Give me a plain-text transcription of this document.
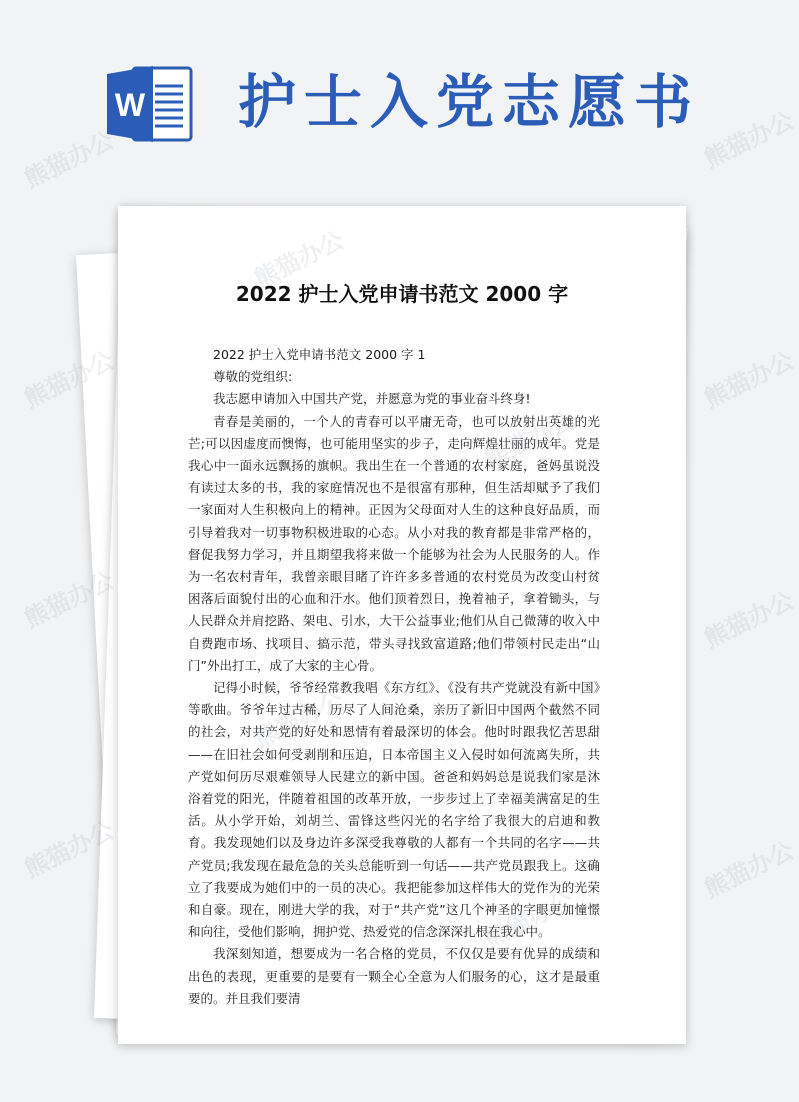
W 护士入党志愿书
2022 护士入党申请书范文 2000 字

2022 护士入党申请书范文 2000 字 1

尊敬的党组织:

我志愿申请加入中国共产党，并愿意为党的事业奋斗终身!

青春是美丽的，一个人的青春可以平庸无奇，也可以放射出英雄的光芒;可以因虚度而懊悔，也可能用坚实的步子，走向辉煌壮丽的成年。党是我心中一面永远飘扬的旗帜。我出生在一个普通的农村家庭，爸妈虽说没有读过太多的书，我的家庭情况也不是很富有那种，但生活却赋予了我们一家面对人生积极向上的精神。正因为父母面对人生的这种良好品质，而引导着我对一切事物积极进取的心态。从小对我的教育都是非常严格的，督促我努力学习，并且期望我将来做一个能够为社会为人民服务的人。作为一名农村青年，我曾亲眼目睹了许许多多普通的农村党员为改变山村贫困落后面貌付出的心血和汗水。他们顶着烈日，挽着袖子，拿着锄头，与人民群众并肩挖路、架电、引水，大干公益事业;他们从自己微薄的收入中自费跑市场、找项目、搞示范，带头寻找致富道路;他们带领村民走出“山门”外出打工，成了大家的主心骨。

记得小时候，爷爷经常教我唱《东方红》、《没有共产党就没有新中国》等歌曲。爷爷年过古稀，历尽了人间沧桑，亲历了新旧中国两个截然不同的社会，对共产党的好处和恩情有着最深切的体会。他时时跟我忆苦思甜——在旧社会如何受剥削和压迫，日本帝国主义入侵时如何流离失所，共产党如何历尽艰难领导人民建立的新中国。爸爸和妈妈总是说我们家是沐浴着党的阳光，伴随着祖国的改革开放，一步步过上了幸福美满富足的生活。从小学开始，刘胡兰、雷锋这些闪光的名字给了我很大的启迪和教育。我发现她们以及身边许多深受我尊敬的人都有一个共同的名字——共产党员;我发现在最危急的关头总能听到一句话——共产党员跟我上。这确立了我要成为她们中的一员的决心。我把能参加这样伟大的党作为的光荣和自豪。现在，刚进大学的我，对于“共产党”这几个神圣的字眼更加憧憬和向往，受他们影响，拥护党、热爱党的信念深深扎根在我心中。

我深刻知道，想要成为一名合格的党员，不仅仅是要有优异的成绩和出色的表现，更重要的是要有一颗全心全意为人们服务的心，这才是最重要的。并且我们要清

熊猫办公	熊猫办公
熊猫办公	熊猫办公
熊猫办公	熊猫办公
熊猫办公	熊猫办公
